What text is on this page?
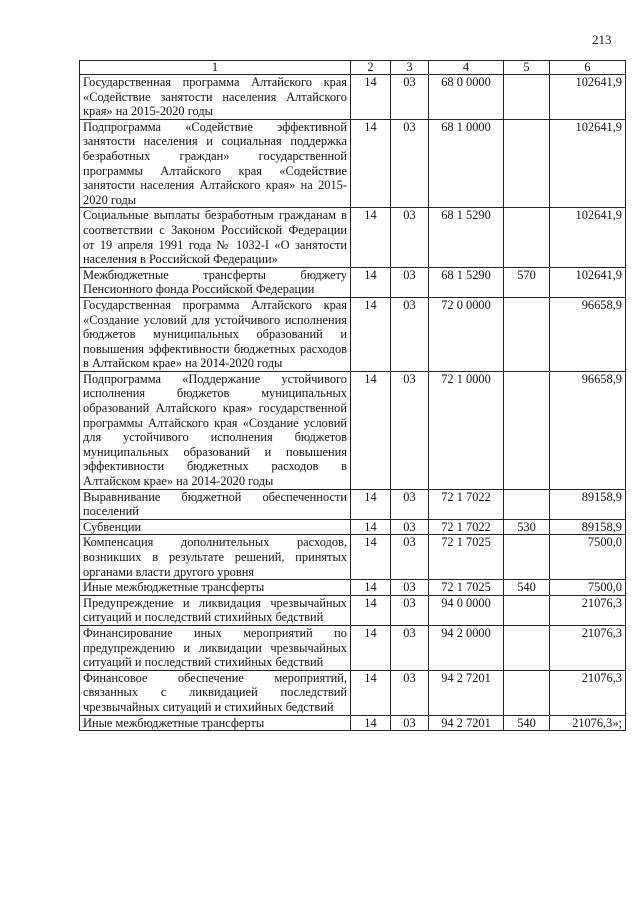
213
1	2	3	4	5	6
Государственная программа Алтайского края «Содействие занятости населения Алтайского края» на 2015-2020 годы	14	03	68 0 0000		102641,9
Подпрограмма «Содействие эффективной занятости населения и социальная поддержка безработных граждан» государственной программы Алтайского края «Содействие занятости населения Алтайского края» на 2015-2020 годы	14	03	68 1 0000		102641,9
Социальные выплаты безработным гражданам в соответствии с Законом Российской Федерации от 19 апреля 1991 года № 1032-I «О занятости населения в Российской Федерации»	14	03	68 1 5290		102641,9
Межбюджетные трансферты бюджету Пенсионного фонда Российской Федерации	14	03	68 1 5290	570	102641,9
Государственная программа Алтайского края «Создание условий для устойчивого исполнения бюджетов муниципальных образований и повышения эффективности бюджетных расходов в Алтайском крае» на 2014-2020 годы	14	03	72 0 0000		96658,9
Подпрограмма «Поддержание устойчивого исполнения бюджетов муниципальных образований Алтайского края» государственной программы Алтайского края «Создание условий для устойчивого исполнения бюджетов муниципальных образований и повышения эффективности бюджетных расходов в Алтайском крае» на 2014-2020 годы	14	03	72 1 0000		96658,9
Выравнивание бюджетной обеспеченности поселений	14	03	72 1 7022		89158,9
Субвенции	14	03	72 1 7022	530	89158,9
Компенсация дополнительных расходов, возникших в результате решений, принятых органами власти другого уровня	14	03	72 1 7025		7500,0
Иные межбюджетные трансферты	14	03	72 1 7025	540	7500,0
Предупреждение и ликвидация чрезвычайных ситуаций и последствий стихийных бедствий	14	03	94 0 0000		21076,3
Финансирование иных мероприятий по предупреждению и ликвидации чрезвычайных ситуаций и последствий стихийных бедствий	14	03	94 2 0000		21076,3
Финансовое обеспечение мероприятий, связанных с ликвидацией последствий чрезвычайных ситуаций и стихийных бедствий	14	03	94 2 7201		21076,3
Иные межбюджетные трансферты	14	03	94 2 7201	540	21076,3»;
